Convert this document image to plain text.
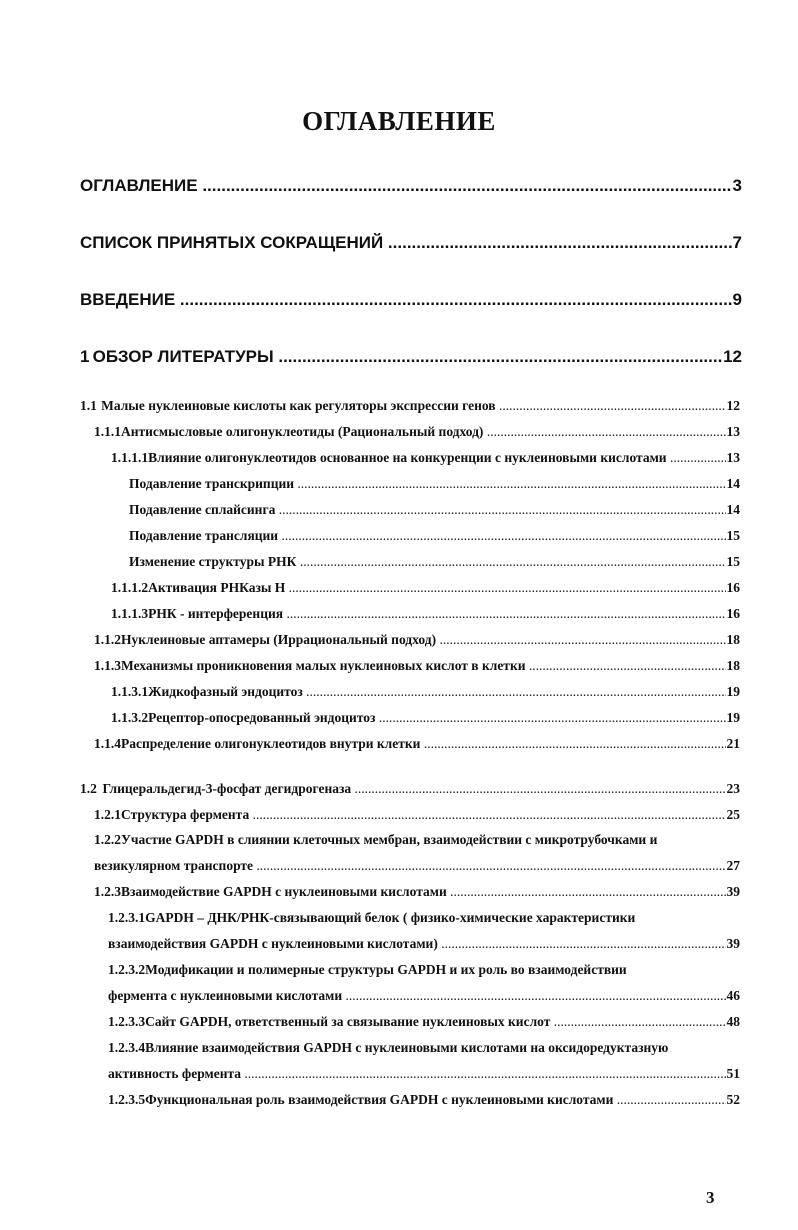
ОГЛАВЛЕНИЕ
ОГЛАВЛЕНИЕ .....	3
СПИСОК ПРИНЯТЫХ СОКРАЩЕНИЙ .....	7
ВВЕДЕНИЕ .....	9
1 ОБЗОР ЛИТЕРАТУРЫ .....	12
1.1 Малые нуклеиновые кислоты как регуляторы экспрессии генов .....	12
1.1.1 Антисмысловые олигонуклеотиды (Рациональный подход) .....	13
1.1.1.1 Влияние олигонуклеотидов основанное на конкуренции с нуклеиновыми кислотами .....	13
Подавление транскрипции .....	14
Подавление сплайсинга .....	14
Подавление трансляции .....	15
Изменение структуры РНК .....	15
1.1.1.2 Активация РНКазы Н .....	16
1.1.1.3 РНК - интерференция .....	16
1.1.2 Нуклеиновые аптамеры (Иррациональный подход) .....	18
1.1.3 Механизмы проникновения малых нуклеиновых кислот в клетки .....	18
1.1.3.1 Жидкофазный эндоцитоз .....	19
1.1.3.2 Рецептор-опосредованный эндоцитоз .....	19
1.1.4 Распределение олигонуклеотидов внутри клетки .....	21
1.2 Глицеральдегид-3-фосфат дегидрогеназа .....	23
1.2.1 Структура фермента .....	25
1.2.2Участие GAPDH в слиянии клеточных мембран, взаимодействии с микротрубочками и
везикулярном транспорте .....	27
1.2.3 Взаимодействие GAPDH с нуклеиновыми кислотами .....	39
1.2.3.1GAPDH – ДНК/РНК-связывающий белок ( физико-химические характеристики
взаимодействия GAPDH с нуклеиновыми кислотами) .....	39
1.2.3.2Модификации и полимерные структуры GAPDH и их роль во взаимодействии
фермента с нуклеиновыми кислотами .....	46
1.2.3.3 Сайт GAPDH, ответственный за связывание нуклеиновых кислот .....	48
1.2.3.4Влияние взаимодействия GAPDH с нуклеиновыми кислотами на оксидоредуктазную
активность фермента .....	51
1.2.3.5 Функциональная роль взаимодействия GAPDH с нуклеиновыми кислотами .....	52
3
